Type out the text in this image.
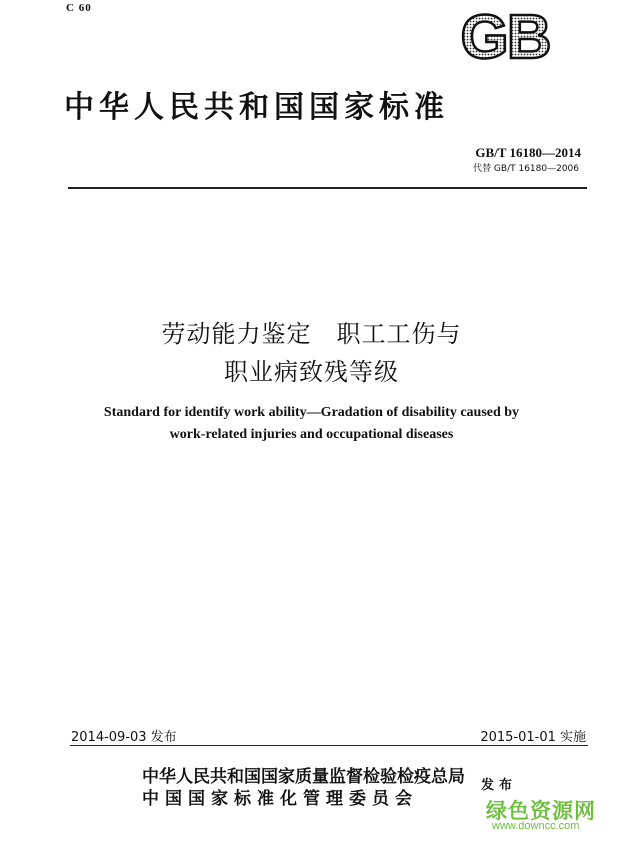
C 60	GB
中华人民共和国国家标准
GB/T 16180—2014
代替 GB/T 16180—2006
劳动能力鉴定　职工工伤与
职业病致残等级
Standard for identify work ability—Gradation of disability caused by
work-related injuries and occupational diseases
2014-09-03 发布	2015-01-01 实施
中华人民共和国国家质量监督检验检疫总局
中国国家标准化管理委员会
发布
绿色资源网
www.downcc.com
